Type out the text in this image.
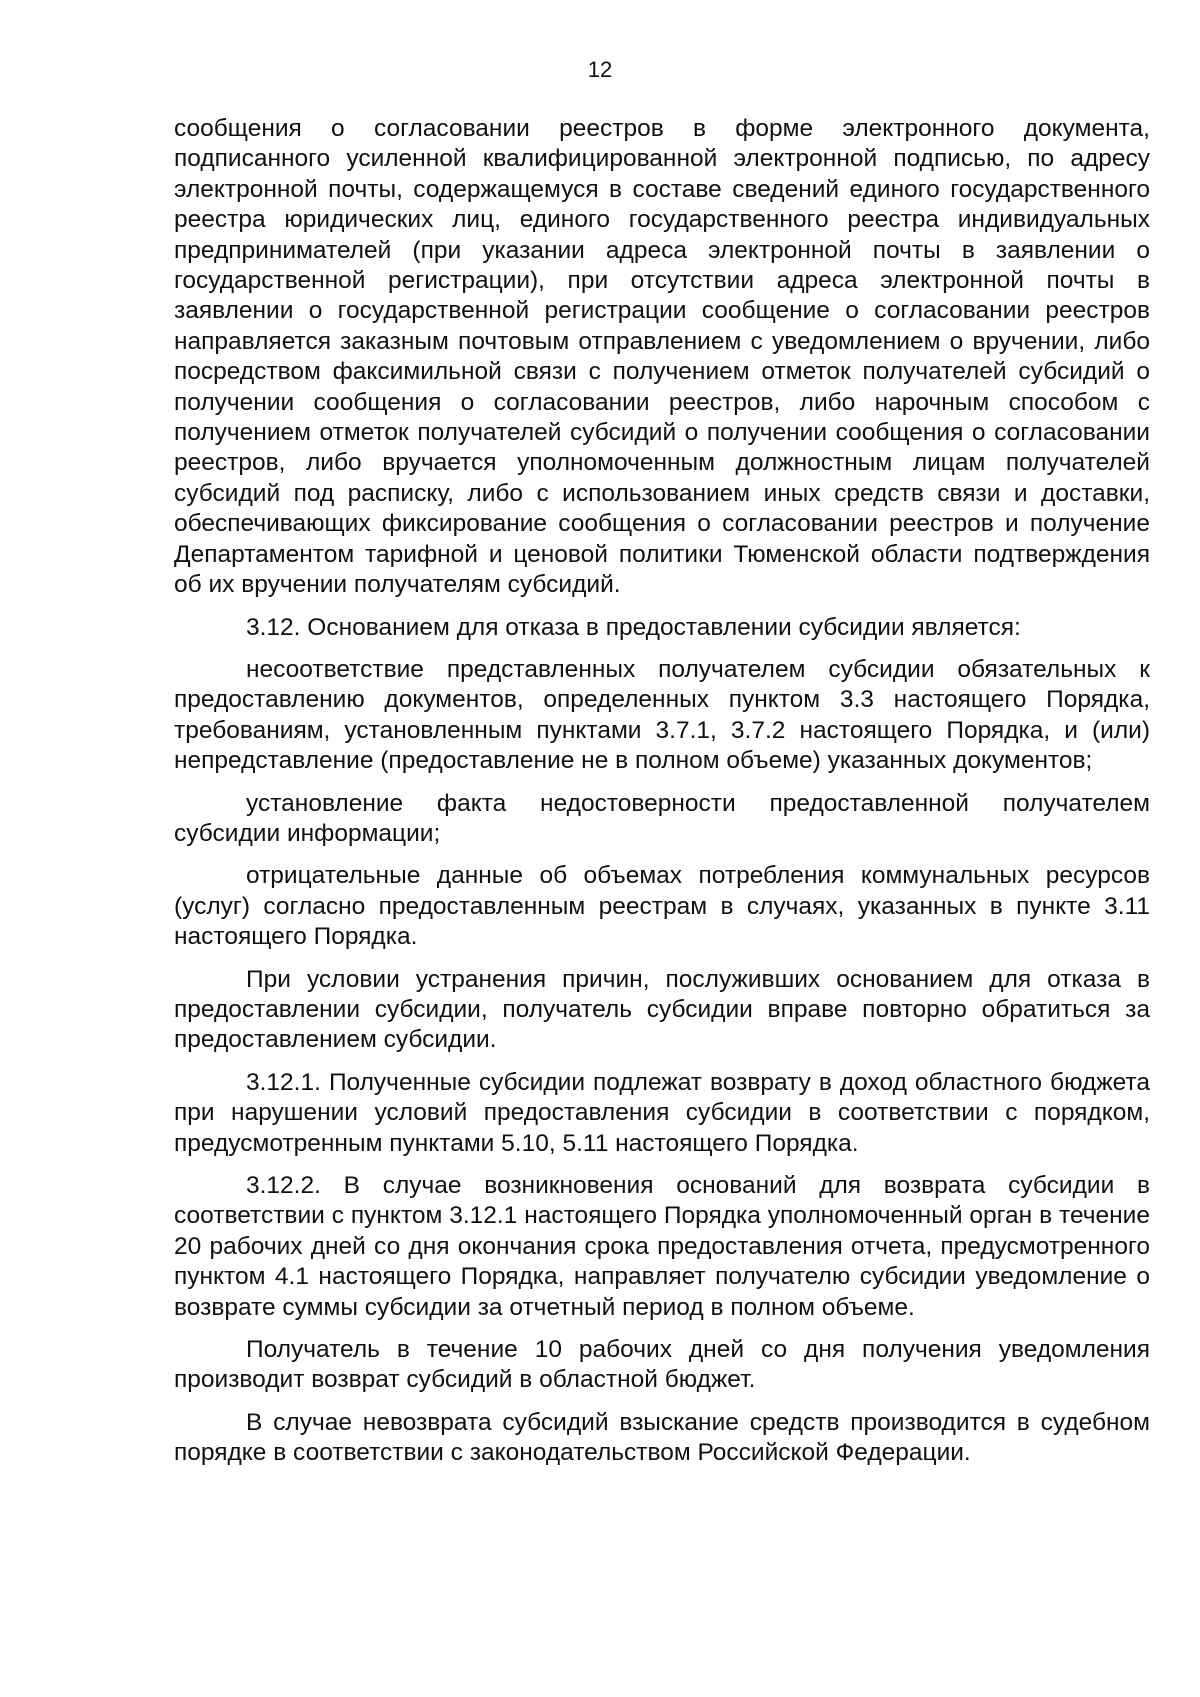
12

сообщения о согласовании реестров в форме электронного документа, подписанного усиленной квалифицированной электронной подписью, по адресу электронной почты, содержащемуся в составе сведений единого государственного реестра юридических лиц, единого государственного реестра индивидуальных предпринимателей (при указании адреса электронной почты в заявлении о государственной регистрации), при отсутствии адреса электронной почты в заявлении о государственной регистрации сообщение о согласовании реестров направляется заказным почтовым отправлением с уведомлением о вручении, либо посредством факсимильной связи с получением отметок получателей субсидий о получении сообщения о согласовании реестров, либо нарочным способом с получением отметок получателей субсидий о получении сообщения о согласовании реестров, либо вручается уполномоченным должностным лицам получателей субсидий под расписку, либо с использованием иных средств связи и доставки, обеспечивающих фиксирование сообщения о согласовании реестров и получение Департаментом тарифной и ценовой политики Тюменской области подтверждения об их вручении получателям субсидий.

3.12. Основанием для отказа в предоставлении субсидии является:

несоответствие представленных получателем субсидии обязательных к предоставлению документов, определенных пунктом 3.3 настоящего Порядка, требованиям, установленным пунктами 3.7.1, 3.7.2 настоящего Порядка, и (или) непредставление (предоставление не в полном объеме) указанных документов;

установление факта недостоверности предоставленной получателем субсидии информации;

отрицательные данные об объемах потребления коммунальных ресурсов (услуг) согласно предоставленным реестрам в случаях, указанных в пункте 3.11 настоящего Порядка.

При условии устранения причин, послуживших основанием для отказа в предоставлении субсидии, получатель субсидии вправе повторно обратиться за предоставлением субсидии.

3.12.1. Полученные субсидии подлежат возврату в доход областного бюджета при нарушении условий предоставления субсидии в соответствии с порядком, предусмотренным пунктами 5.10, 5.11 настоящего Порядка.

3.12.2. В случае возникновения оснований для возврата субсидии в соответствии с пунктом 3.12.1 настоящего Порядка уполномоченный орган в течение 20 рабочих дней со дня окончания срока предоставления отчета, предусмотренного пунктом 4.1 настоящего Порядка, направляет получателю субсидии уведомление о возврате суммы субсидии за отчетный период в полном объеме.

Получатель в течение 10 рабочих дней со дня получения уведомления производит возврат субсидий в областной бюджет.

В случае невозврата субсидий взыскание средств производится в судебном порядке в соответствии с законодательством Российской Федерации.
